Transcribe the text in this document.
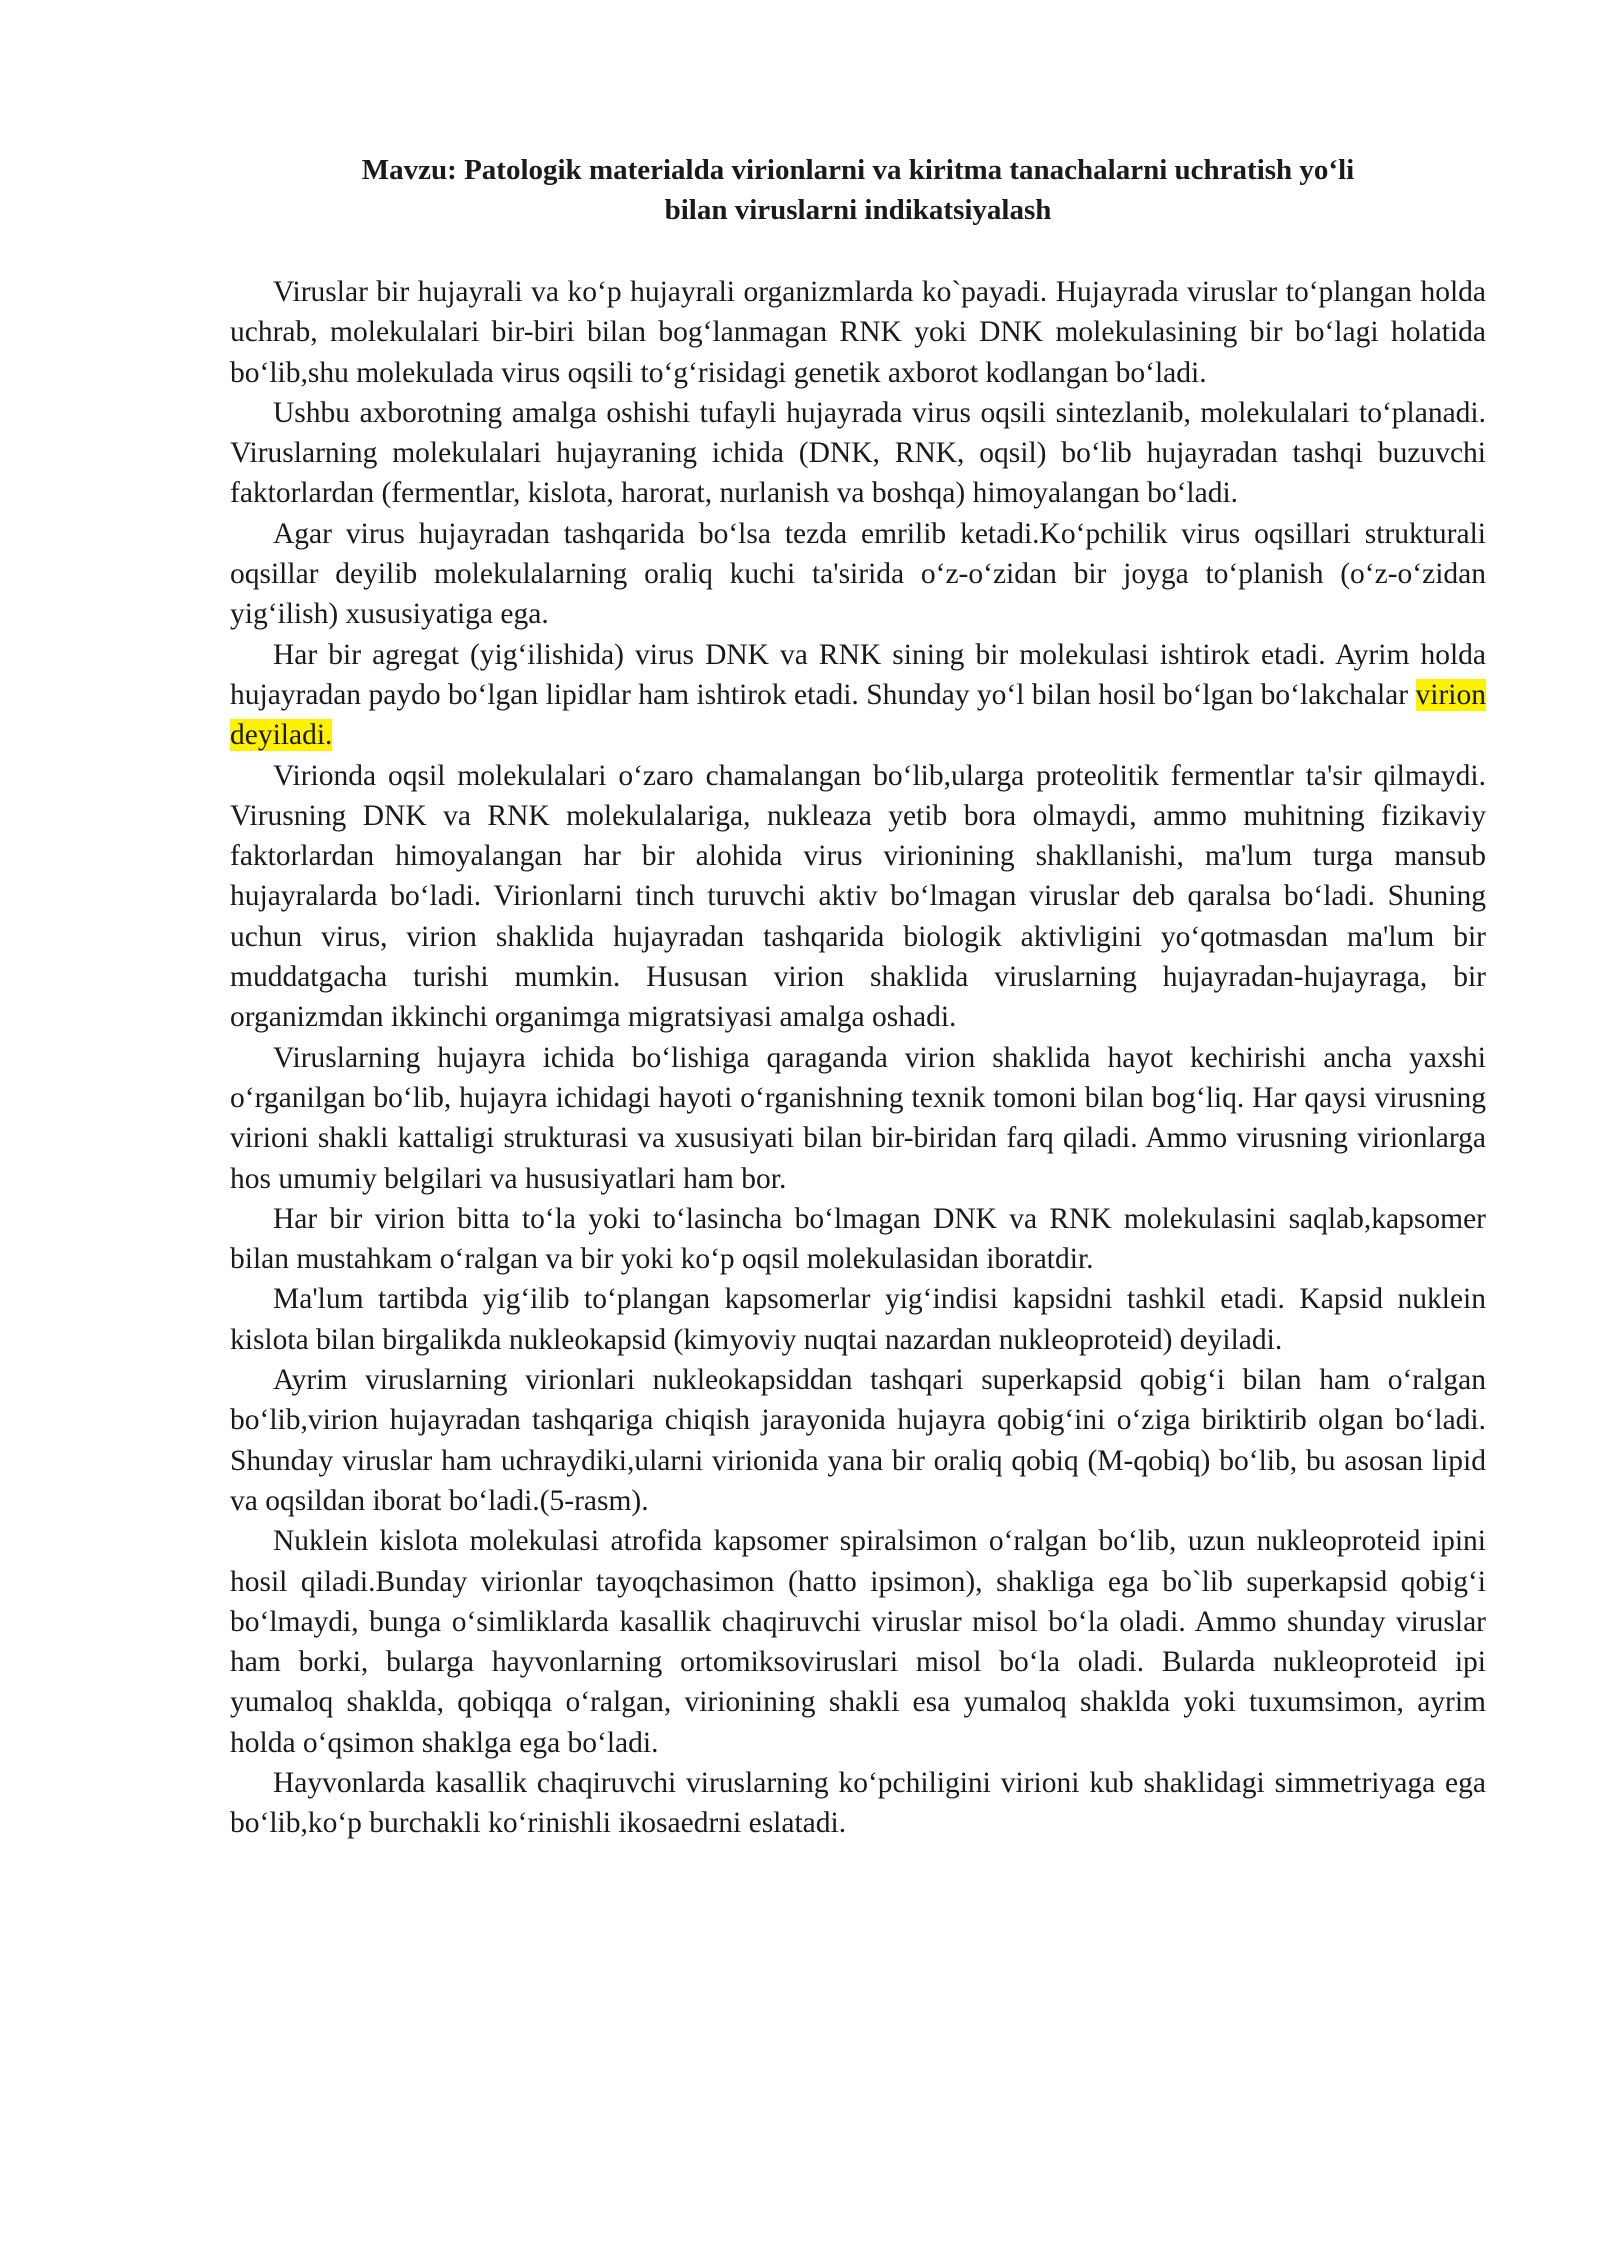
Mavzu: Patologik materialda virionlarni va kiritma tanachalarni uchratish yo‘li
bilan viruslarni indikatsiyalash

Viruslar bir hujayrali va ko‘p hujayrali organizmlarda ko`payadi. Hujayrada viruslar to‘plangan holda uchrab, molekulalari bir-biri bilan bog‘lanmagan RNK yoki DNK molekulasining bir bo‘lagi holatida bo‘lib,shu molekulada virus oqsili to‘g‘risidagi genetik axborot kodlangan bo‘ladi.

Ushbu axborotning amalga oshishi tufayli hujayrada virus oqsili sintezlanib, molekulalari to‘planadi. Viruslarning molekulalari hujayraning ichida (DNK, RNK, oqsil) bo‘lib hujayradan tashqi buzuvchi faktorlardan (fermentlar, kislota, harorat, nurlanish va boshqa) himoyalangan bo‘ladi.

Agar virus hujayradan tashqarida bo‘lsa tezda emrilib ketadi.Ko‘pchilik virus oqsillari strukturali oqsillar deyilib molekulalarning oraliq kuchi ta'sirida o‘z-o‘zidan bir joyga to‘planish (o‘z-o‘zidan yig‘ilish) xususiyatiga ega.

Har bir agregat (yig‘ilishida) virus DNK va RNK sining bir molekulasi ishtirok etadi. Ayrim holda hujayradan paydo bo‘lgan lipidlar ham ishtirok etadi. Shunday yo‘l bilan hosil bo‘lgan bo‘lakchalar virion deyiladi.

Virionda oqsil molekulalari o‘zaro chamalangan bo‘lib,ularga proteolitik fermentlar ta'sir qilmaydi. Virusning DNK va RNK molekulalariga, nukleaza yetib bora olmaydi, ammo muhitning fizikaviy faktorlardan himoyalangan har bir alohida virus virionining shakllanishi, ma'lum turga mansub hujayralarda bo‘ladi. Virionlarni tinch turuvchi aktiv bo‘lmagan viruslar deb qaralsa bo‘ladi. Shuning uchun virus, virion shaklida hujayradan tashqarida biologik aktivligini yo‘qotmasdan ma'lum bir muddatgacha turishi mumkin. Hususan virion shaklida viruslarning hujayradan-hujayraga, bir organizmdan ikkinchi organimga migratsiyasi amalga oshadi.

Viruslarning hujayra ichida bo‘lishiga qaraganda virion shaklida hayot kechirishi ancha yaxshi o‘rganilgan bo‘lib, hujayra ichidagi hayoti o‘rganishning texnik tomoni bilan bog‘liq. Har qaysi virusning virioni shakli kattaligi strukturasi va xususiyati bilan bir-biridan farq qiladi. Ammo virusning virionlarga hos umumiy belgilari va hususiyatlari ham bor.

Har bir virion bitta to‘la yoki to‘lasincha bo‘lmagan DNK va RNK molekulasini saqlab,kapsomer bilan mustahkam o‘ralgan va bir yoki ko‘p oqsil molekulasidan iboratdir.

Ma'lum tartibda yig‘ilib to‘plangan kapsomerlar yig‘indisi kapsidni tashkil etadi. Kapsid nuklein kislota bilan birgalikda nukleokapsid (kimyoviy nuqtai nazardan nukleoproteid) deyiladi.

Ayrim viruslarning virionlari nukleokapsiddan tashqari superkapsid qobig‘i bilan ham o‘ralgan bo‘lib,virion hujayradan tashqariga chiqish jarayonida hujayra qobig‘ini o‘ziga biriktirib olgan bo‘ladi. Shunday viruslar ham uchraydiki,ularni virionida yana bir oraliq qobiq (M-qobiq) bo‘lib, bu asosan lipid va oqsildan iborat bo‘ladi.(5-rasm).

Nuklein kislota molekulasi atrofida kapsomer spiralsimon o‘ralgan bo‘lib, uzun nukleoproteid ipini hosil qiladi.Bunday virionlar tayoqchasimon (hatto ipsimon), shakliga ega bo`lib superkapsid qobig‘i bo‘lmaydi, bunga o‘simliklarda kasallik chaqiruvchi viruslar misol bo‘la oladi. Ammo shunday viruslar ham borki, bularga hayvonlarning ortomiksoviruslari misol bo‘la oladi. Bularda nukleoproteid ipi yumaloq shaklda, qobiqqa o‘ralgan, virionining shakli esa yumaloq shaklda yoki tuxumsimon, ayrim holda o‘qsimon shaklga ega bo‘ladi.

Hayvonlarda kasallik chaqiruvchi viruslarning ko‘pchiligini virioni kub shaklidagi simmetriyaga ega bo‘lib,ko‘p burchakli ko‘rinishli ikosaedrni eslatadi.
